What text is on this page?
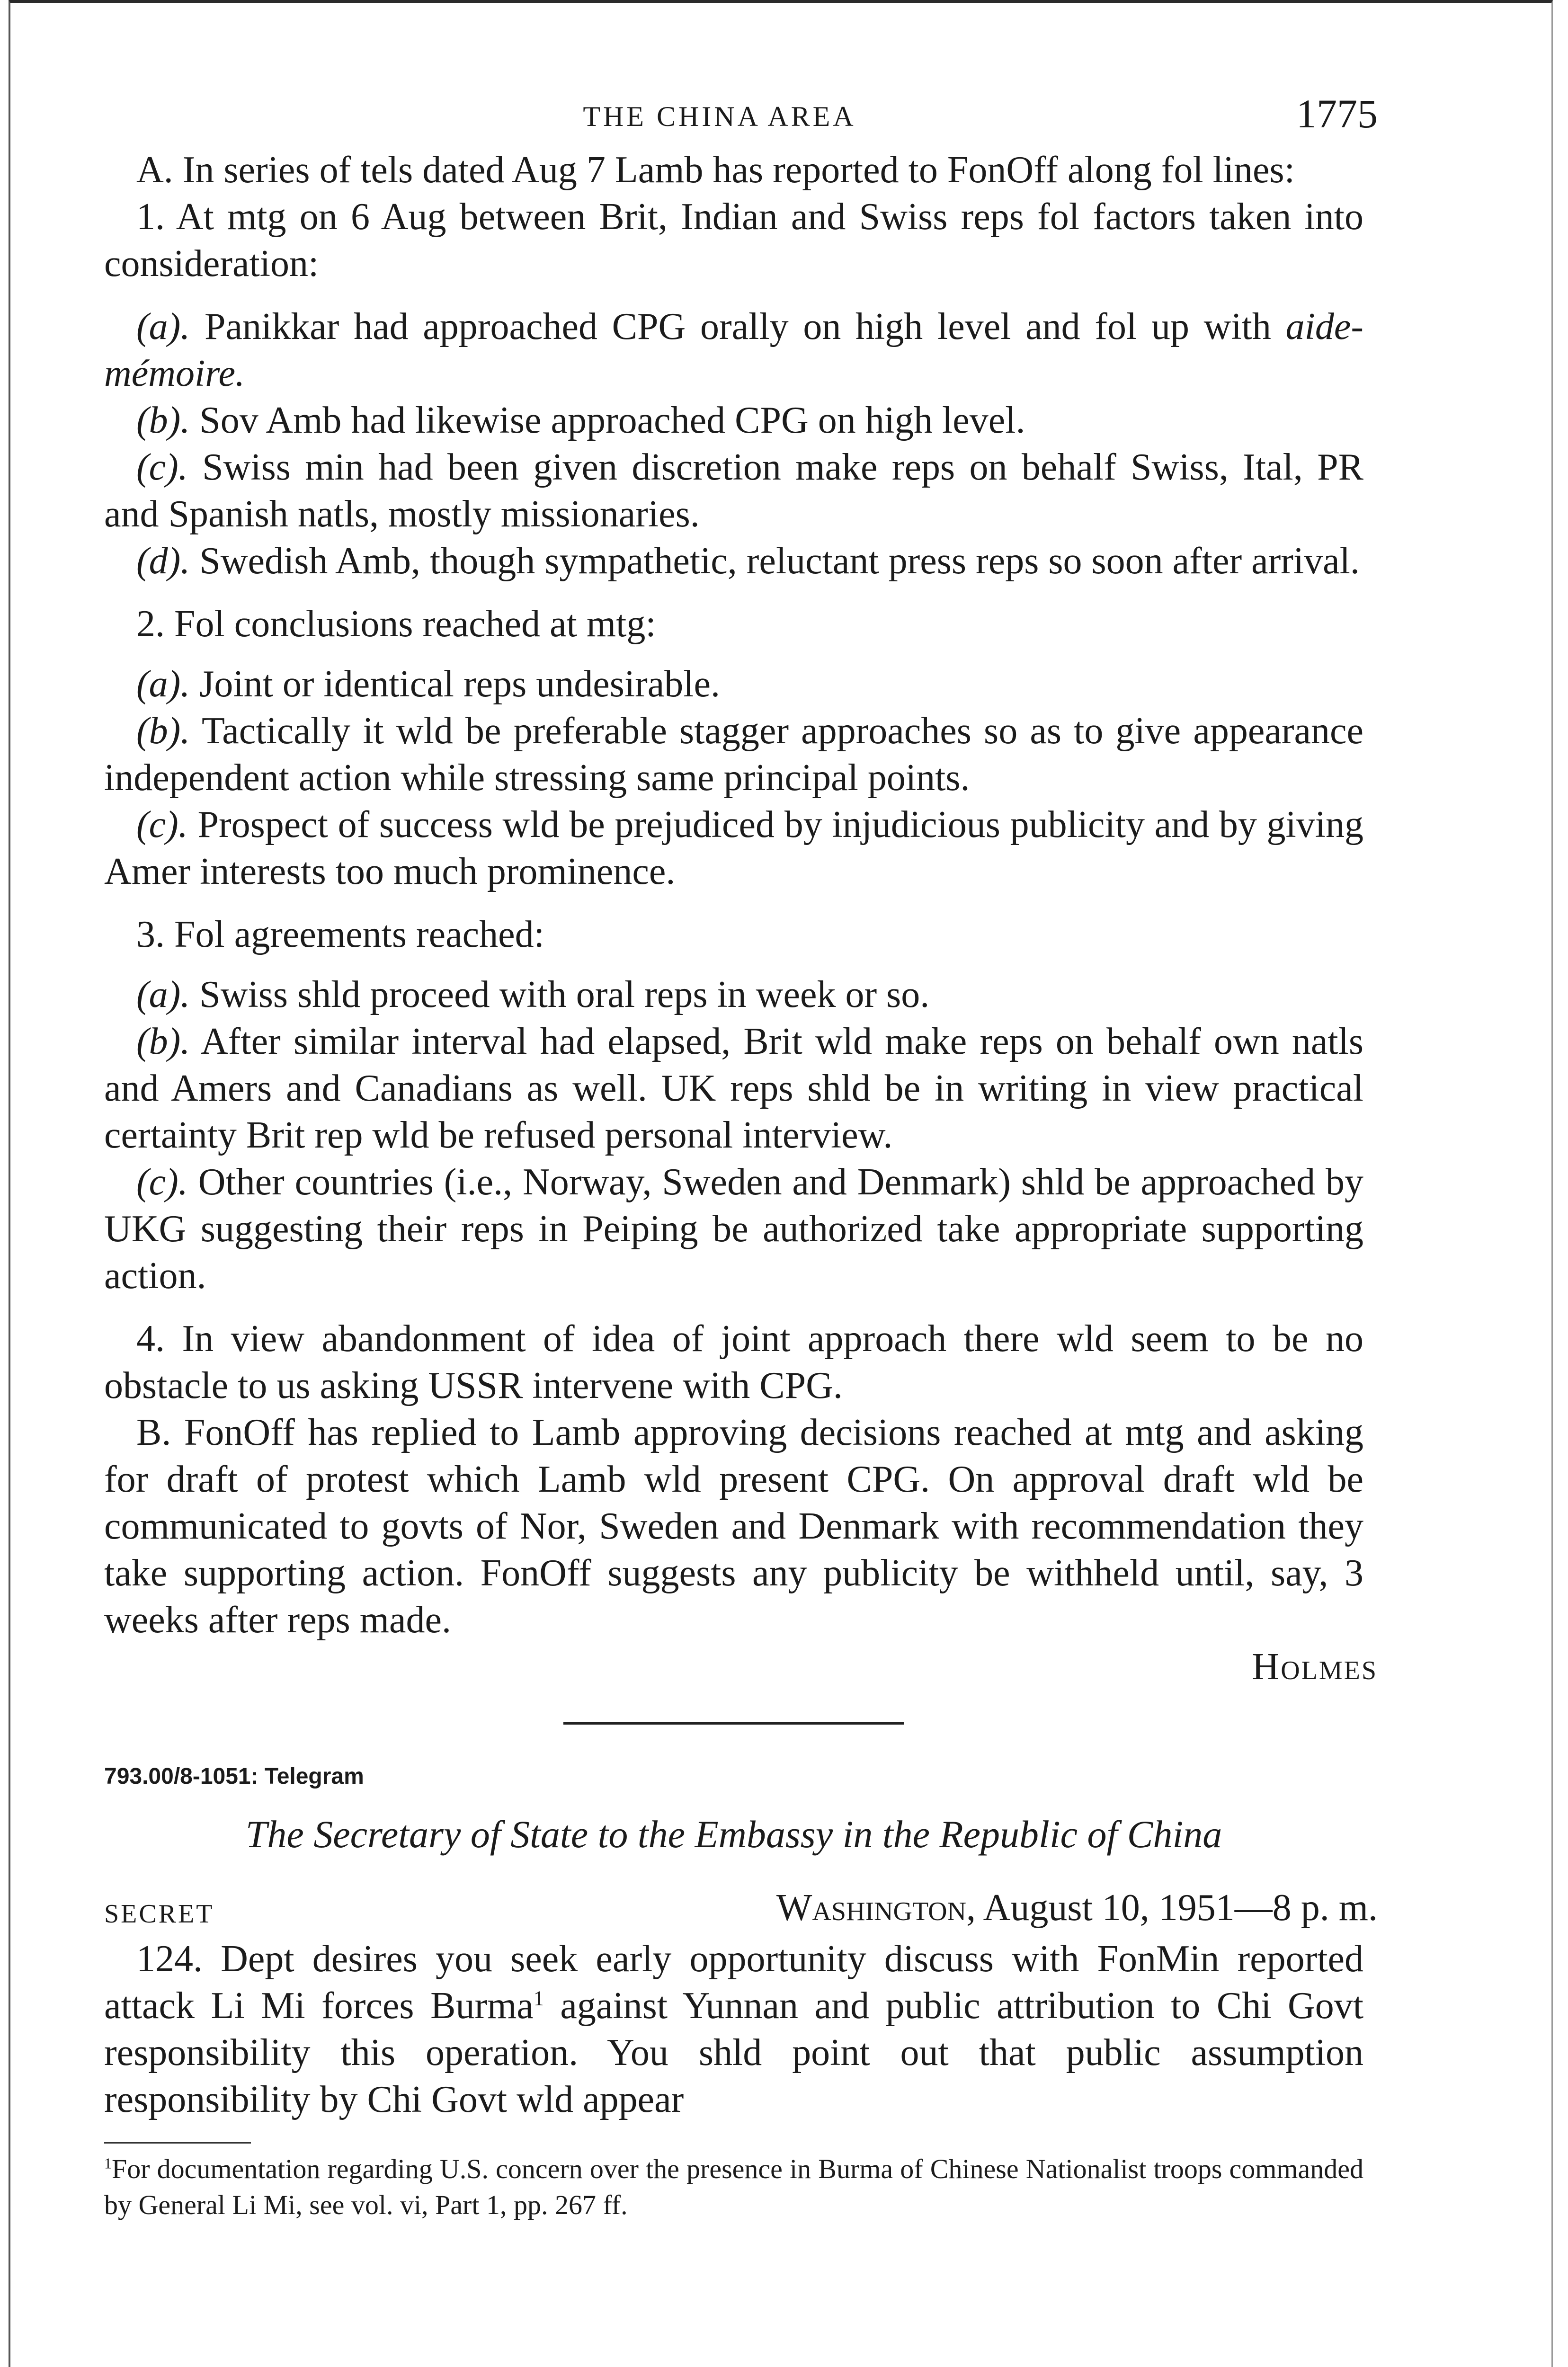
THE CHINA AREA	1775

A. In series of tels dated Aug 7 Lamb has reported to FonOff along fol lines:

1. At mtg on 6 Aug between Brit, Indian and Swiss reps fol factors taken into consideration:

(a). Panikkar had approached CPG orally on high level and fol up with aide-mémoire.

(b). Sov Amb had likewise approached CPG on high level.

(c). Swiss min had been given discretion make reps on behalf Swiss, Ital, PR and Spanish natls, mostly missionaries.

(d). Swedish Amb, though sympathetic, reluctant press reps so soon after arrival.

2. Fol conclusions reached at mtg:

(a). Joint or identical reps undesirable.

(b). Tactically it wld be preferable stagger approaches so as to give appearance independent action while stressing same principal points.

(c). Prospect of success wld be prejudiced by injudicious publicity and by giving Amer interests too much prominence.

3. Fol agreements reached:

(a). Swiss shld proceed with oral reps in week or so.

(b). After similar interval had elapsed, Brit wld make reps on behalf own natls and Amers and Canadians as well. UK reps shld be in writing in view practical certainty Brit rep wld be refused personal interview.

(c). Other countries (i.e., Norway, Sweden and Denmark) shld be approached by UKG suggesting their reps in Peiping be authorized take appropriate supporting action.

4. In view abandonment of idea of joint approach there wld seem to be no obstacle to us asking USSR intervene with CPG.

B. FonOff has replied to Lamb approving decisions reached at mtg and asking for draft of protest which Lamb wld present CPG. On approval draft wld be communicated to govts of Nor, Sweden and Denmark with recommendation they take supporting action. FonOff suggests any publicity be withheld until, say, 3 weeks after reps made.

Holmes
793.00/8-1051: Telegram
The Secretary of State to the Embassy in the Republic of China
SECRET	Washington, August 10, 1951—8 p. m.

124. Dept desires you seek early opportunity discuss with FonMin reported attack Li Mi forces Burma$^1$ against Yunnan and public attribution to Chi Govt responsibility this operation. You shld point out that public assumption responsibility by Chi Govt wld appear

$^1$For documentation regarding U.S. concern over the presence in Burma of Chinese Nationalist troops commanded by General Li Mi, see vol. vi, Part 1, pp. 267 ff.
